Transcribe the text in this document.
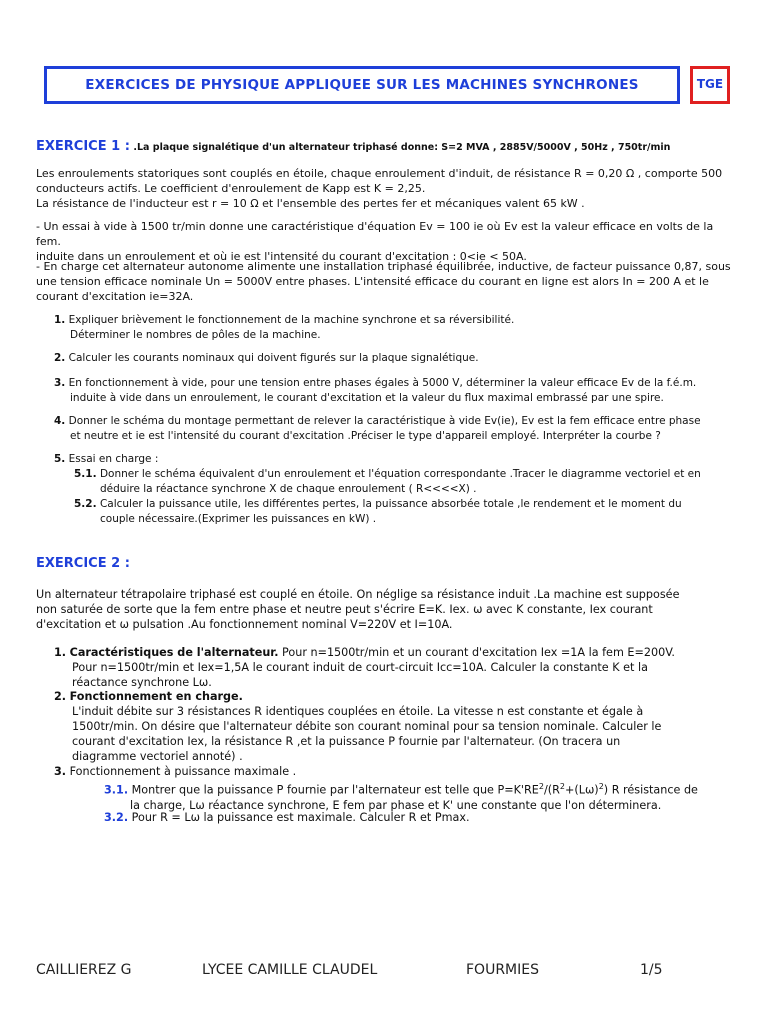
EXERCICES DE PHYSIQUE APPLIQUEE SUR LES MACHINES SYNCHRONES	TGE
EXERCICE 1 : .La plaque signalétique d'un alternateur triphasé donne: S=2 MVA , 2885V/5000V , 50Hz , 750tr/min

Les enroulements statoriques sont couplés en étoile, chaque enroulement d'induit, de résistance R = 0,20 Ω , comporte 500

conducteurs actifs. Le coefficient d'enroulement de Kapp est K = 2,25.

La résistance de l'inducteur est r = 10 Ω et l'ensemble des pertes fer et mécaniques valent 65 kW .

- Un essai à vide à 1500 tr/min donne une caractéristique d'équation Ev = 100 ie où Ev est la valeur efficace en volts de la fem.

induite dans un enroulement et où ie est l'intensité du courant d'excitation : 0<ie < 50A.

- En charge cet alternateur autonome alimente une installation triphasé équilibrée, inductive, de facteur puissance 0,87, sous

une tension efficace nominale Un = 5000V entre phases. L'intensité efficace du courant en ligne est alors In = 200 A et le

courant d'excitation ie=32A.

1. Expliquer brièvement le fonctionnement de la machine synchrone et sa réversibilité.

Déterminer le nombres de pôles de la machine.

2. Calculer les courants nominaux qui doivent figurés sur la plaque signalétique.

3. En fonctionnement à vide, pour une tension entre phases égales à 5000 V, déterminer la valeur efficace Ev de la f.é.m.

induite à vide dans un enroulement, le courant d'excitation et la valeur du flux maximal embrassé par une spire.

4. Donner le schéma du montage permettant de relever la caractéristique à vide Ev(ie), Ev est la fem efficace entre phase

et neutre et ie est l'intensité du courant d'excitation .Préciser le type d'appareil employé. Interpréter la courbe ?

5. Essai en charge :

5.1. Donner le schéma équivalent d'un enroulement et l'équation correspondante .Tracer le diagramme vectoriel et en

déduire la réactance synchrone X de chaque enroulement ( R<<<<X) .

5.2. Calculer la puissance utile, les différentes pertes, la puissance absorbée totale ,le rendement et le moment du

couple nécessaire.(Exprimer les puissances en kW) .

EXERCICE 2 :

Un alternateur tétrapolaire triphasé est couplé en étoile. On néglige sa résistance induit .La machine est supposée

non saturée de sorte que la fem entre phase et neutre peut s'écrire E=K. Iex. ω avec K constante, Iex courant

d'excitation et ω pulsation .Au fonctionnement nominal V=220V et I=10A.

1. Caractéristiques de l'alternateur. Pour n=1500tr/min et un courant d'excitation Iex =1A la fem E=200V.

Pour n=1500tr/min et Iex=1,5A le courant induit de court-circuit Icc=10A. Calculer la constante K et la

réactance synchrone Lω.

2. Fonctionnement en charge.

L'induit débite sur 3 résistances R identiques couplées en étoile. La vitesse n est constante et égale à

1500tr/min. On désire que l'alternateur débite son courant nominal pour sa tension nominale. Calculer le

courant d'excitation Iex, la résistance R ,et la puissance P fournie par l'alternateur. (On tracera un

diagramme vectoriel annoté) .

3. Fonctionnement à puissance maximale .

3.1. Montrer que la puissance P fournie par l'alternateur est telle que $P=K'RE^2/(R^2+(L\omega)^2)$ R résistance de

la charge, Lω réactance synchrone, E fem par phase et K' une constante que l'on déterminera.

3.2. Pour R = Lω la puissance est maximale. Calculer R et Pmax.

CAILLIEREZ G	LYCEE CAMILLE CLAUDEL	FOURMIES	1/5
